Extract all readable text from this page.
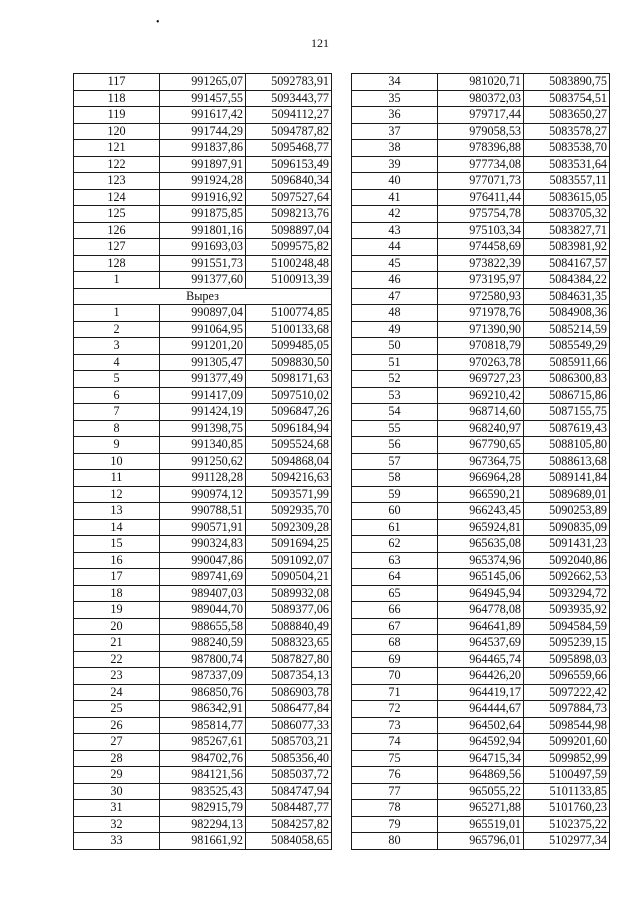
•
121
117	991265,07	5092783,91
118	991457,55	5093443,77
119	991617,42	5094112,27
120	991744,29	5094787,82
121	991837,86	5095468,77
122	991897,91	5096153,49
123	991924,28	5096840,34
124	991916,92	5097527,64
125	991875,85	5098213,76
126	991801,16	5098897,04
127	991693,03	5099575,82
128	991551,73	5100248,48
1	991377,60	5100913,39
Вырез		
1	990897,04	5100774,85
2	991064,95	5100133,68
3	991201,20	5099485,05
4	991305,47	5098830,50
5	991377,49	5098171,63
6	991417,09	5097510,02
7	991424,19	5096847,26
8	991398,75	5096184,94
9	991340,85	5095524,68
10	991250,62	5094868,04
11	991128,28	5094216,63
12	990974,12	5093571,99
13	990788,51	5092935,70
14	990571,91	5092309,28
15	990324,83	5091694,25
16	990047,86	5091092,07
17	989741,69	5090504,21
18	989407,03	5089932,08
19	989044,70	5089377,06
20	988655,58	5088840,49
21	988240,59	5088323,65
22	987800,74	5087827,80
23	987337,09	5087354,13
24	986850,76	5086903,78
25	986342,91	5086477,84
26	985814,77	5086077,33
27	985267,61	5085703,21
28	984702,76	5085356,40
29	984121,56	5085037,72
30	983525,43	5084747,94
31	982915,79	5084487,77
32	982294,13	5084257,82
33	981661,92	5084058,65
34	981020,71	5083890,75
35	980372,03	5083754,51
36	979717,44	5083650,27
37	979058,53	5083578,27
38	978396,88	5083538,70
39	977734,08	5083531,64
40	977071,73	5083557,11
41	976411,44	5083615,05
42	975754,78	5083705,32
43	975103,34	5083827,71
44	974458,69	5083981,92
45	973822,39	5084167,57
46	973195,97	5084384,22
47	972580,93	5084631,35
48	971978,76	5084908,36
49	971390,90	5085214,59
50	970818,79	5085549,29
51	970263,78	5085911,66
52	969727,23	5086300,83
53	969210,42	5086715,86
54	968714,60	5087155,75
55	968240,97	5087619,43
56	967790,65	5088105,80
57	967364,75	5088613,68
58	966964,28	5089141,84
59	966590,21	5089689,01
60	966243,45	5090253,89
61	965924,81	5090835,09
62	965635,08	5091431,23
63	965374,96	5092040,86
64	965145,06	5092662,53
65	964945,94	5093294,72
66	964778,08	5093935,92
67	964641,89	5094584,59
68	964537,69	5095239,15
69	964465,74	5095898,03
70	964426,20	5096559,66
71	964419,17	5097222,42
72	964444,67	5097884,73
73	964502,64	5098544,98
74	964592,94	5099201,60
75	964715,34	5099852,99
76	964869,56	5100497,59
77	965055,22	5101133,85
78	965271,88	5101760,23
79	965519,01	5102375,22
80	965796,01	5102977,34
